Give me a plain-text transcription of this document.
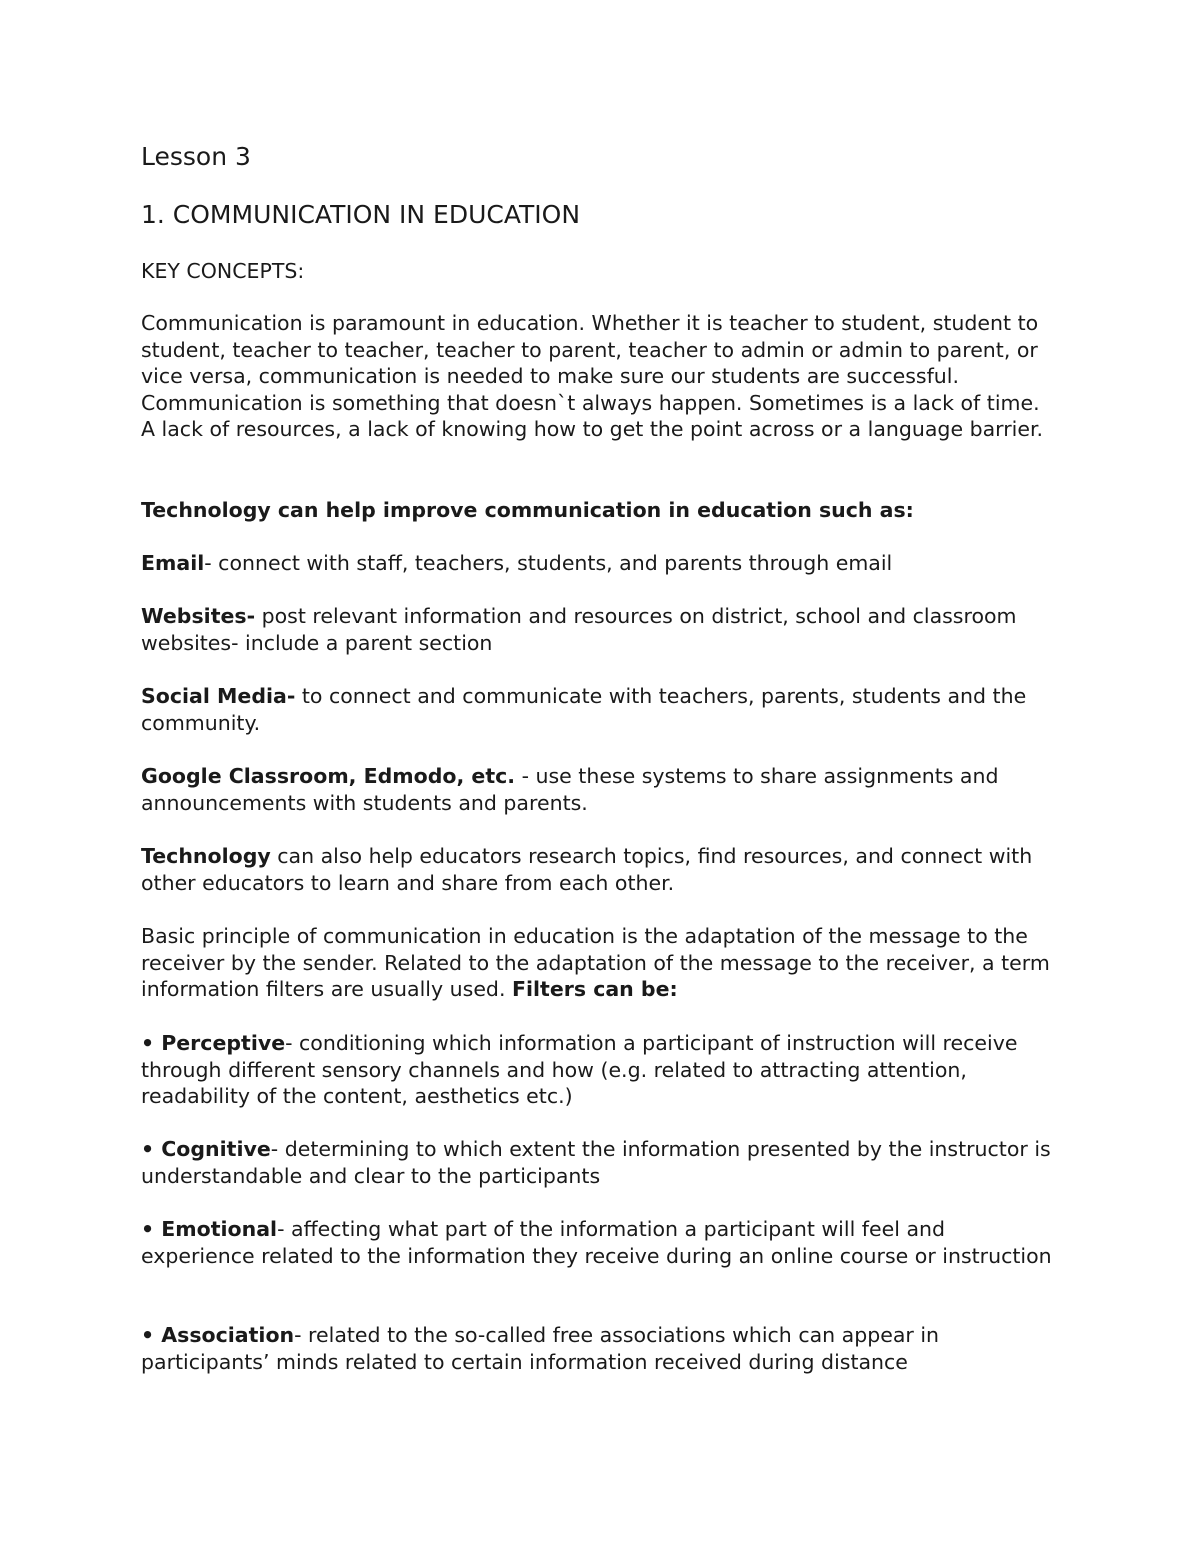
Lesson 3
1. COMMUNICATION IN EDUCATION
KEY CONCEPTS:

Communication is paramount in education. Whether it is teacher to student, student to student, teacher to teacher, teacher to parent, teacher to admin or admin to parent, or vice versa, communication is needed to make sure our students are successful. Communication is something that doesn`t always happen. Sometimes is a lack of time. A lack of resources, a lack of knowing how to get the point across or a language barrier.

Technology can help improve communication in education such as:

Email- connect with staff, teachers, students, and parents through email

Websites- post relevant information and resources on district, school and classroom websites- include a parent section

Social Media- to connect and communicate with teachers, parents, students and the community.

Google Classroom, Edmodo, etc. - use these systems to share assignments and announcements with students and parents.

Technology can also help educators research topics, find resources, and connect with other educators to learn and share from each other.

Basic principle of communication in education is the adaptation of the message to the receiver by the sender. Related to the adaptation of the message to the receiver, a term information filters are usually used. Filters can be:

• Perceptive- conditioning which information a participant of instruction will receive through different sensory channels and how (e.g. related to attracting attention, readability of the content, aesthetics etc.)

• Cognitive- determining to which extent the information presented by the instructor is understandable and clear to the participants

• Emotional- affecting what part of the information a participant will feel and experience related to the information they receive during an online course or instruction

• Association- related to the so-called free associations which can appear in participants’ minds related to certain information received during distance
